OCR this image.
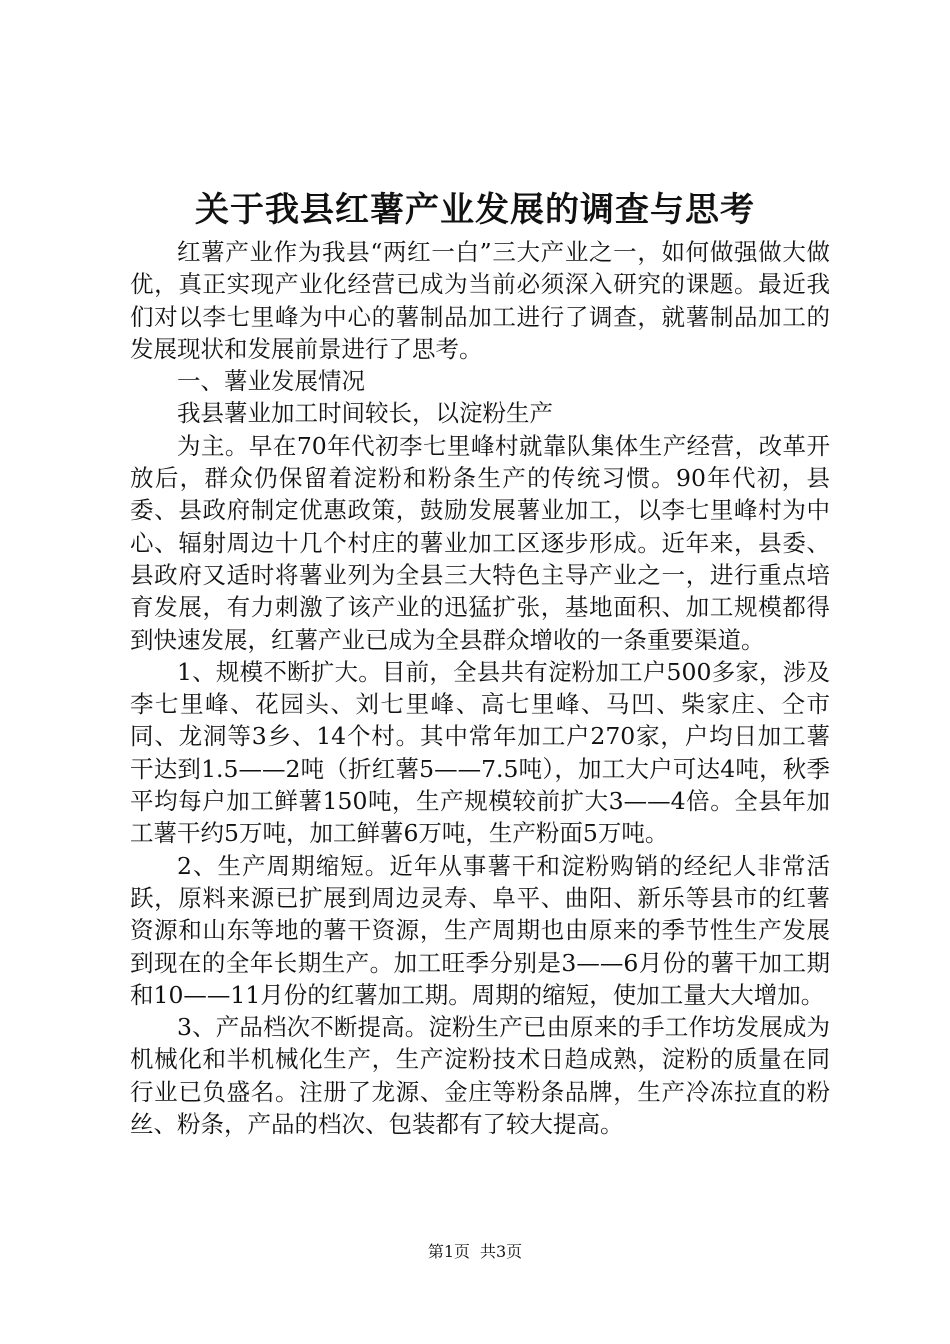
关于我县红薯产业发展的调查与思考

红薯产业作为我县“两红一白”三大产业之一，如何做强做大做优，真正实现产业化经营已成为当前必须深入研究的课题。最近我们对以李七里峰为中心的薯制品加工进行了调查，就薯制品加工的发展现状和发展前景进行了思考。

一、薯业发展情况

我县薯业加工时间较长，以淀粉生产

为主。早在70年代初李七里峰村就靠队集体生产经营，改革开放后，群众仍保留着淀粉和粉条生产的传统习惯。90年代初，县委、县政府制定优惠政策，鼓励发展薯业加工，以李七里峰村为中心、辐射周边十几个村庄的薯业加工区逐步形成。近年来，县委、县政府又适时将薯业列为全县三大特色主导产业之一，进行重点培育发展，有力刺激了该产业的迅猛扩张，基地面积、加工规模都得到快速发展，红薯产业已成为全县群众增收的一条重要渠道。

1、规模不断扩大。目前，全县共有淀粉加工户500多家，涉及李七里峰、花园头、刘七里峰、高七里峰、马凹、柴家庄、仝市同、龙洞等3乡、14个村。其中常年加工户270家，户均日加工薯干达到1.5——2吨（折红薯5——7.5吨），加工大户可达4吨，秋季平均每户加工鲜薯150吨，生产规模较前扩大3——4倍。全县年加工薯干约5万吨，加工鲜薯6万吨，生产粉面5万吨。

2、生产周期缩短。近年从事薯干和淀粉购销的经纪人非常活跃，原料来源已扩展到周边灵寿、阜平、曲阳、新乐等县市的红薯资源和山东等地的薯干资源，生产周期也由原来的季节性生产发展到现在的全年长期生产。加工旺季分别是3——6月份的薯干加工期和10——11月份的红薯加工期。周期的缩短，使加工量大大增加。

3、产品档次不断提高。淀粉生产已由原来的手工作坊发展成为机械化和半机械化生产，生产淀粉技术日趋成熟，淀粉的质量在同行业已负盛名。注册了龙源、金庄等粉条品牌，生产冷冻拉直的粉丝、粉条，产品的档次、包装都有了较大提高。

第1页 共3页
